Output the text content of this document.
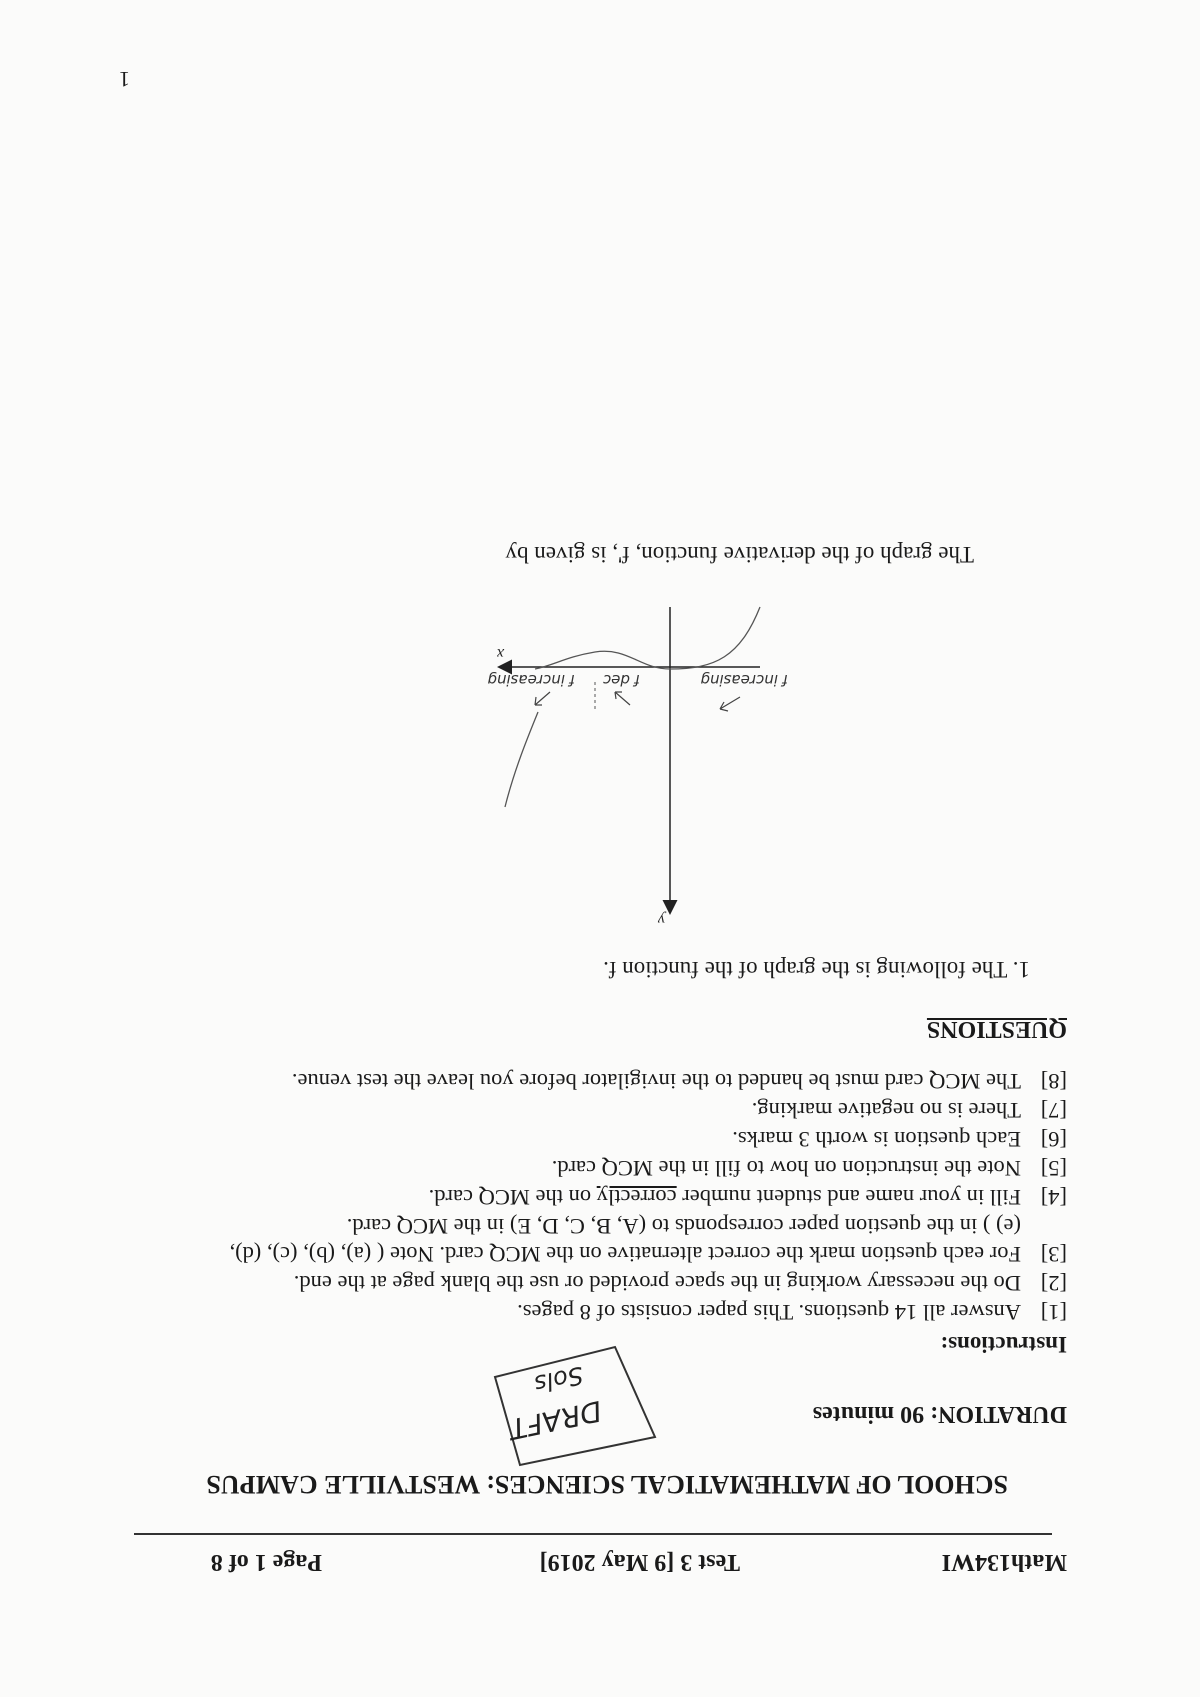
Math134WI
Test 3 [9 May 2019]
Page 1 of 8
SCHOOL OF MATHEMATICAL SCIENCES: WESTVILLE CAMPUS
DURATION: 90 minutes
DRAFT
Sols
Instructions:
[1]Answer all 14 questions. This paper consists of 8 pages.
[2]Do the necessary working in the space provided or use the blank page at the end.
[3]For each question mark the correct alternative on the MCQ card. Note ( (a), (b), (c), (d),
(e) ) in the question paper corresponds to (A, B, C, D, E) in the MCQ card.
[4]Fill in your name and student number correctly on the MCQ card.
[5]Note the instruction on how to fill in the MCQ card.
[6]Each question is worth 3 marks.
[7]There is no negative marking.
[8]The MCQ card must be handed to the invigilator before you leave the test venue.
QUESTIONS
1. The following is the graph of the function f.
y
x
f increasing
f dec
f increasing
The graph of the derivative function, f', is given by
1
